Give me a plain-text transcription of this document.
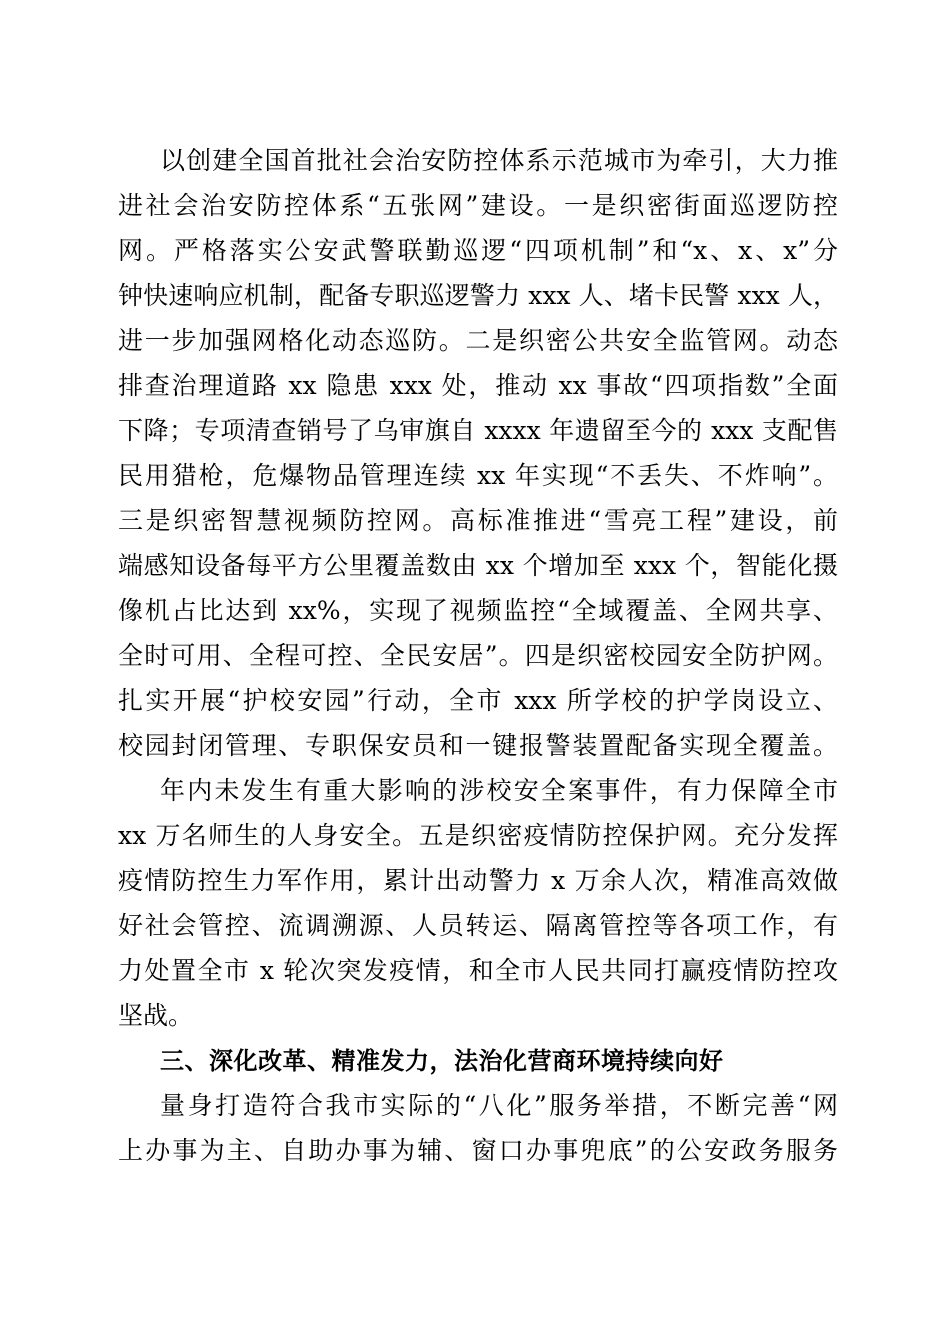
以创建全国首批社会治安防控体系示范城市为牵引，大力推

进社会治安防控体系“五张网”建设。一是织密街面巡逻防控

网。严格落实公安武警联勤巡逻“四项机制”和“x、x、x”分

钟快速响应机制，配备专职巡逻警力 xxx 人、堵卡民警 xxx 人，

进一步加强网格化动态巡防。二是织密公共安全监管网。动态

排查治理道路 xx 隐患 xxx 处，推动 xx 事故“四项指数”全面

下降；专项清查销号了乌审旗自 xxxx 年遗留至今的 xxx 支配售

民用猎枪，危爆物品管理连续 xx 年实现“不丢失、不炸响”。

三是织密智慧视频防控网。高标准推进“雪亮工程”建设，前

端感知设备每平方公里覆盖数由 xx 个增加至 xxx 个，智能化摄

像机占比达到 xx%，实现了视频监控“全域覆盖、全网共享、

全时可用、全程可控、全民安居”。四是织密校园安全防护网。

扎实开展“护校安园”行动，全市 xxx 所学校的护学岗设立、

校园封闭管理、专职保安员和一键报警装置配备实现全覆盖。

年内未发生有重大影响的涉校安全案事件，有力保障全市

xx 万名师生的人身安全。五是织密疫情防控保护网。充分发挥

疫情防控生力军作用，累计出动警力 x 万余人次，精准高效做

好社会管控、流调溯源、人员转运、隔离管控等各项工作，有

力处置全市 x 轮次突发疫情，和全市人民共同打赢疫情防控攻

坚战。

三、深化改革、精准发力，法治化营商环境持续向好

量身打造符合我市实际的“八化”服务举措，不断完善“网

上办事为主、自助办事为辅、窗口办事兜底”的公安政务服务
